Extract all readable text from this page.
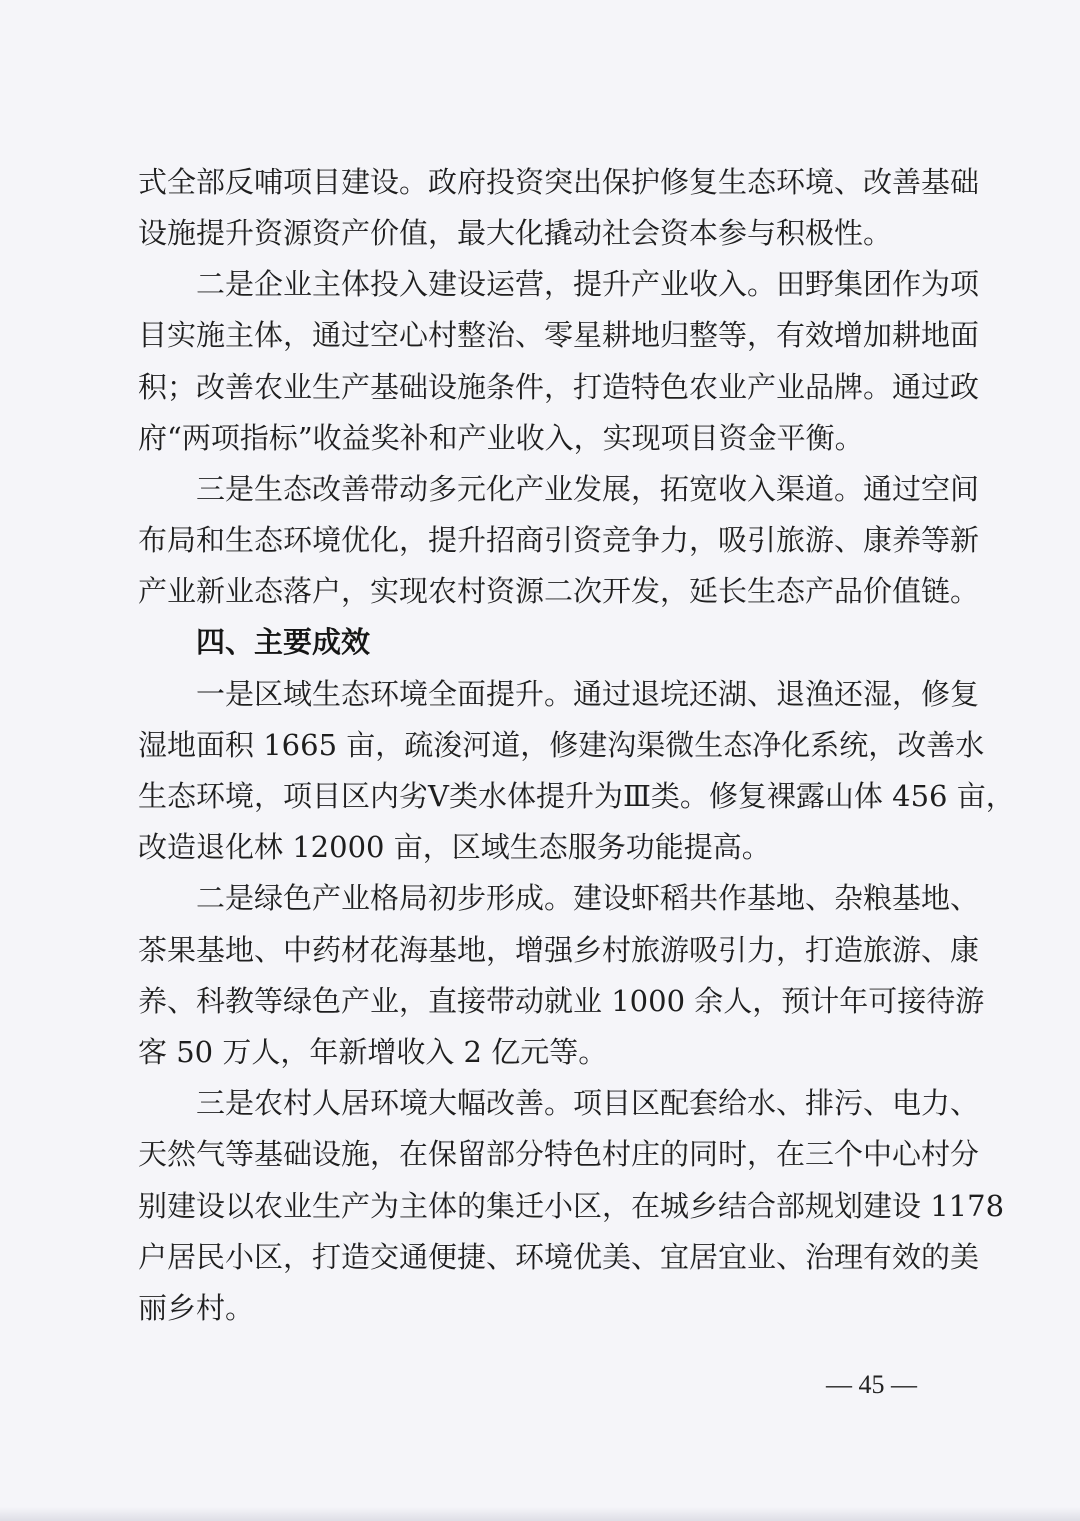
式全部反哺项目建设。政府投资突出保护修复生态环境、改善基础

设施提升资源资产价值，最大化撬动社会资本参与积极性。

二是企业主体投入建设运营，提升产业收入。田野集团作为项

目实施主体，通过空心村整治、零星耕地归整等，有效增加耕地面

积；改善农业生产基础设施条件，打造特色农业产业品牌。通过政

府“两项指标”收益奖补和产业收入，实现项目资金平衡。

三是生态改善带动多元化产业发展，拓宽收入渠道。通过空间

布局和生态环境优化，提升招商引资竞争力，吸引旅游、康养等新

产业新业态落户，实现农村资源二次开发，延长生态产品价值链。

四、主要成效

一是区域生态环境全面提升。通过退垸还湖、退渔还湿，修复

湿地面积 1665 亩，疏浚河道，修建沟渠微生态净化系统，改善水

生态环境，项目区内劣Ⅴ类水体提升为Ⅲ类。修复裸露山体 456 亩，

改造退化林 12000 亩，区域生态服务功能提高。

二是绿色产业格局初步形成。建设虾稻共作基地、杂粮基地、

茶果基地、中药材花海基地，增强乡村旅游吸引力，打造旅游、康

养、科教等绿色产业，直接带动就业 1000 余人，预计年可接待游

客 50 万人，年新增收入 2 亿元等。

三是农村人居环境大幅改善。项目区配套给水、排污、电力、

天然气等基础设施，在保留部分特色村庄的同时，在三个中心村分

别建设以农业生产为主体的集迁小区，在城乡结合部规划建设 1178

户居民小区，打造交通便捷、环境优美、宜居宜业、治理有效的美

丽乡村。

— 45 —
